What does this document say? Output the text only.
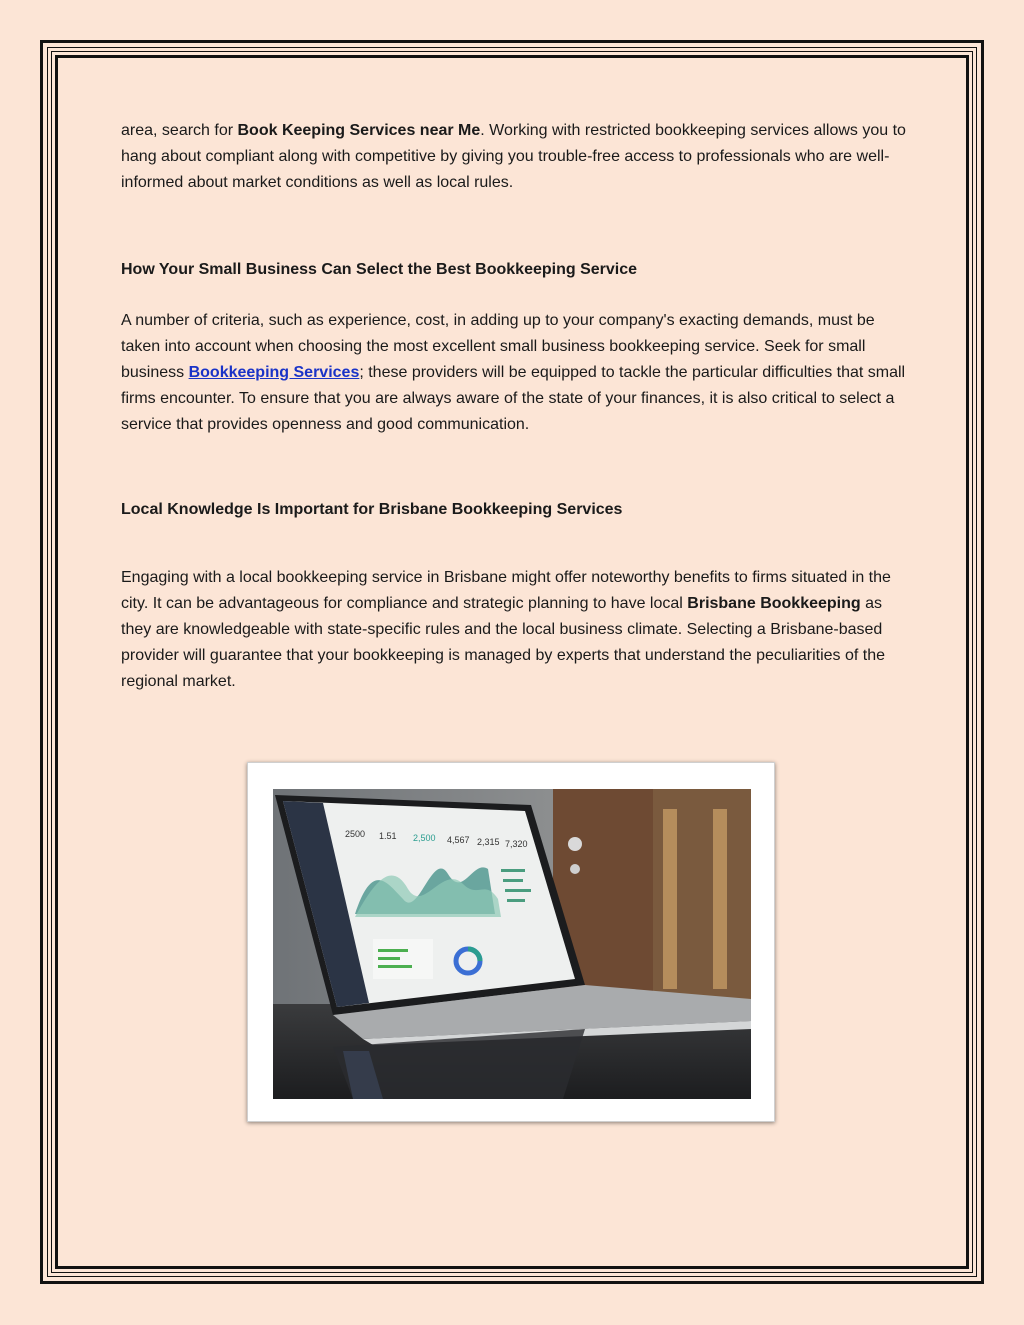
area, search for Book Keeping Services near Me. Working with restricted bookkeeping services allows you to hang about compliant along with competitive by giving you trouble-free access to professionals who are well-informed about market conditions as well as local rules.

How Your Small Business Can Select the Best Bookkeeping Service

A number of criteria, such as experience, cost, in adding up to your company's exacting demands, must be taken into account when choosing the most excellent small business bookkeeping service. Seek for small business Bookkeeping Services; these providers will be equipped to tackle the particular difficulties that small firms encounter. To ensure that you are always aware of the state of your finances, it is also critical to select a service that provides openness and good communication.

Local Knowledge Is Important for Brisbane Bookkeeping Services

Engaging with a local bookkeeping service in Brisbane might offer noteworthy benefits to firms situated in the city. It can be advantageous for compliance and strategic planning to have local Brisbane Bookkeeping as they are knowledgeable with state-specific rules and the local business climate. Selecting a Brisbane-based provider will guarantee that your bookkeeping is managed by experts that understand the peculiarities of the regional market.

2500 1.51 2,500 4,567 2,315 7,320
